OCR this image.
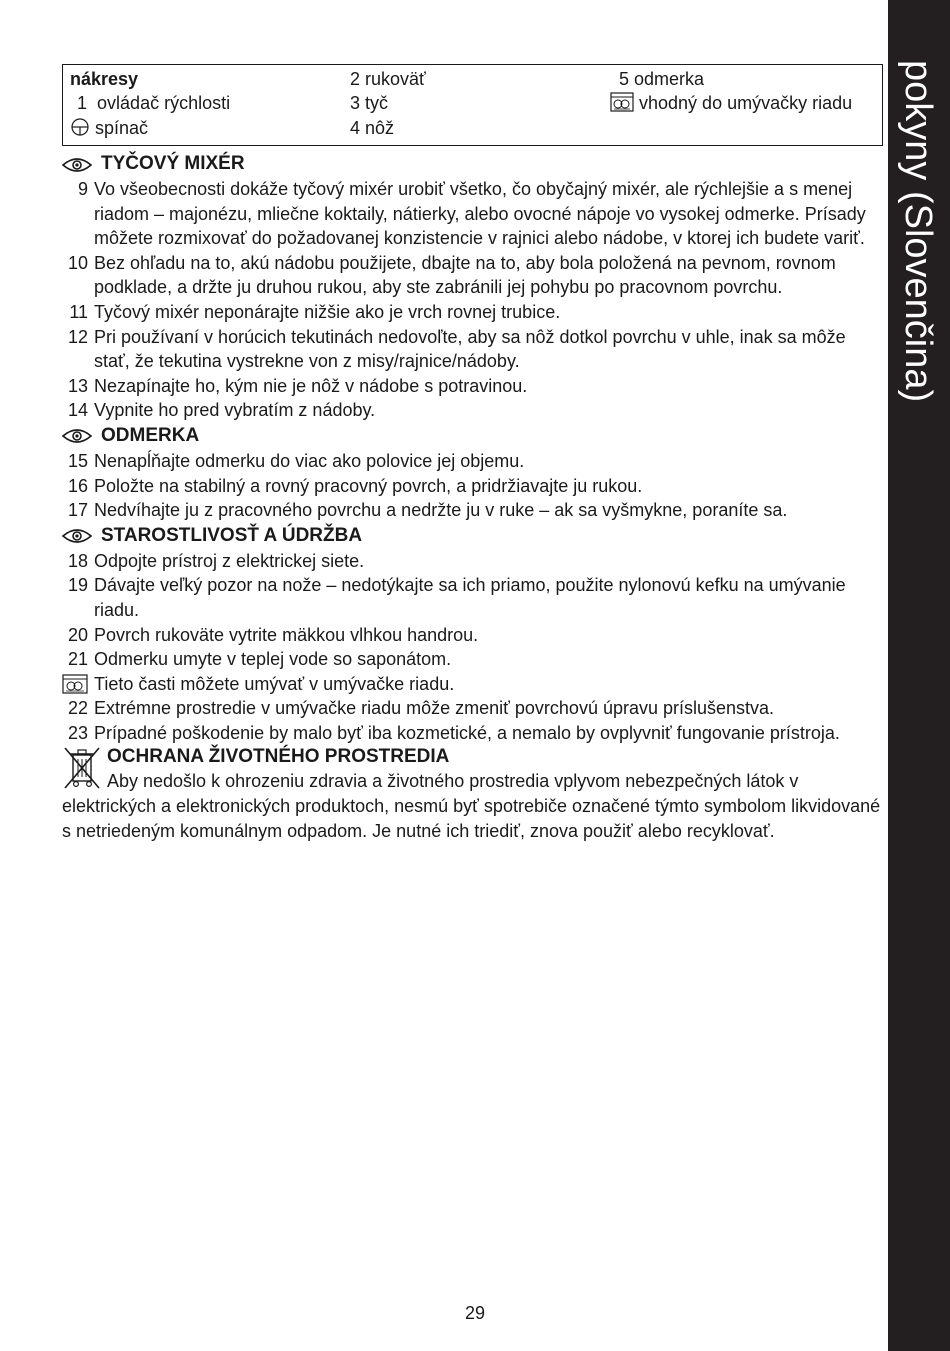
pokyny (Slovenčina)
nákresy
1 ovládač rýchlosti
spínač
2 rukoväť
3 tyč
4 nôž
5 odmerka
vhodný do umývačky riadu
TYČOVÝ MIXÉR
9 Vo všeobecnosti dokáže tyčový mixér urobiť všetko, čo obyčajný mixér, ale rýchlejšie a s menej riadom – majonézu, mliečne koktaily, nátierky, alebo ovocné nápoje vo vysokej odmerke. Prísady môžete rozmixovať do požadovanej konzistencie v rajnici alebo nádobe, v ktorej ich budete variť.
10 Bez ohľadu na to, akú nádobu použijete, dbajte na to, aby bola položená na pevnom, rovnom podklade, a držte ju druhou rukou, aby ste zabránili jej pohybu po pracovnom povrchu.
11 Tyčový mixér neponárajte nižšie ako je vrch rovnej trubice.
12 Pri používaní v horúcich tekutinách nedovoľte, aby sa nôž dotkol povrchu v uhle, inak sa môže stať, že tekutina vystrekne von z misy/rajnice/nádoby.
13 Nezapínajte ho, kým nie je nôž v nádobe s potravinou.
14 Vypnite ho pred vybratím z nádoby.
ODMERKA
15 Nenapĺňajte odmerku do viac ako polovice jej objemu.
16 Položte na stabilný a rovný pracovný povrch, a pridržiavajte ju rukou.
17 Nedvíhajte ju z pracovného povrchu a nedržte ju v ruke – ak sa vyšmykne, poraníte sa.
STAROSTLIVOSŤ A ÚDRŽBA
18 Odpojte prístroj z elektrickej siete.
19 Dávajte veľký pozor na nože – nedotýkajte sa ich priamo, použite nylonovú kefku na umývanie riadu.
20 Povrch rukoväte vytrite mäkkou vlhkou handrou.
21 Odmerku umyte v teplej vode so saponátom.
Tieto časti môžete umývať v umývačke riadu.
22 Extrémne prostredie v umývačke riadu môže zmeniť povrchovú úpravu príslušenstva.
23 Prípadné poškodenie by malo byť iba kozmetické, a nemalo by ovplyvniť fungovanie prístroja.
OCHRANA ŽIVOTNÉHO PROSTREDIA
Aby nedošlo k ohrozeniu zdravia a životného prostredia vplyvom nebezpečných látok v elektrických a elektronických produktoch, nesmú byť spotrebiče označené týmto symbolom likvidované s netriedeným komunálnym odpadom. Je nutné ich triediť, znova použiť alebo recyklovať.
29
